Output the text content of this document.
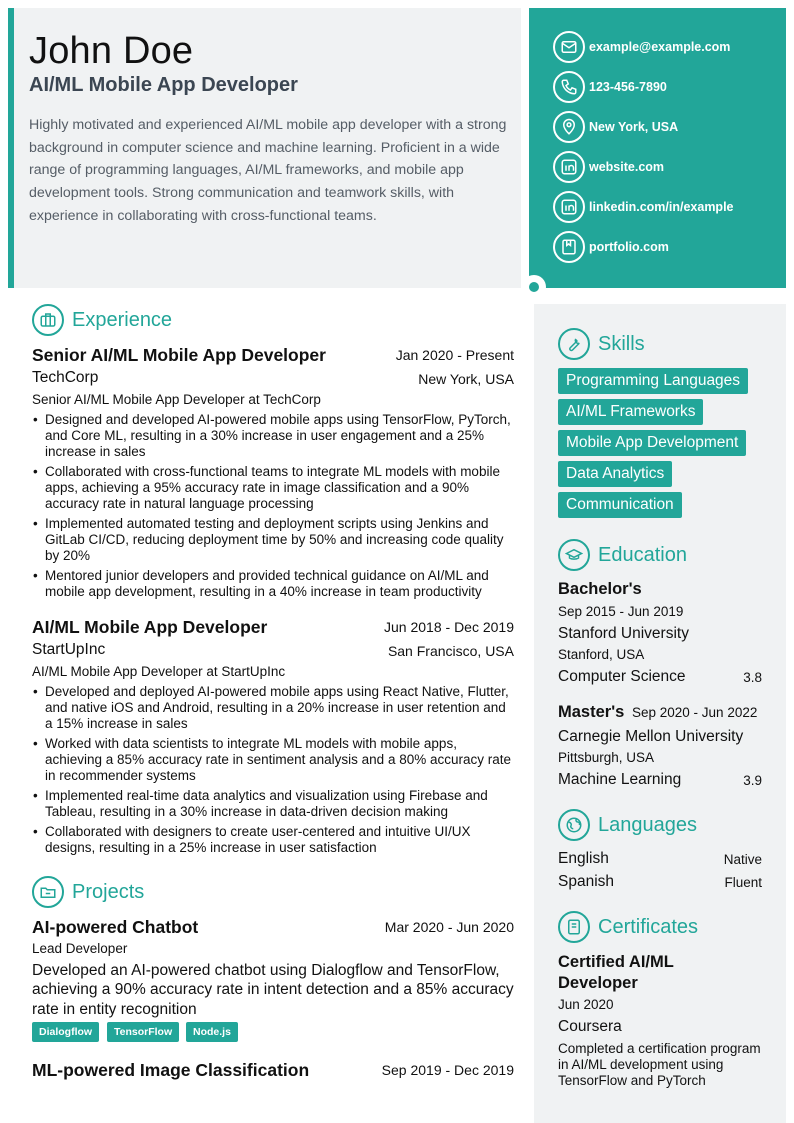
John Doe
AI/ML Mobile App Developer
Highly motivated and experienced AI/ML mobile app developer with a strong background in computer science and machine learning. Proficient in a wide range of programming languages, AI/ML frameworks, and mobile app development tools. Strong communication and teamwork skills, with experience in collaborating with cross-functional teams.
example@example.com
123-456-7890
New York, USA
website.com
linkedin.com/in/example
portfolio.com
Experience
Senior AI/ML Mobile App Developer	Jan 2020 - Present
TechCorp	New York, USA
Senior AI/ML Mobile App Developer at TechCorp
• Designed and developed AI-powered mobile apps using TensorFlow, PyTorch, and Core ML, resulting in a 30% increase in user engagement and a 25% increase in sales
• Collaborated with cross-functional teams to integrate ML models with mobile apps, achieving a 95% accuracy rate in image classification and a 90% accuracy rate in natural language processing
• Implemented automated testing and deployment scripts using Jenkins and GitLab CI/CD, reducing deployment time by 50% and increasing code quality by 20%
• Mentored junior developers and provided technical guidance on AI/ML and mobile app development, resulting in a 40% increase in team productivity
AI/ML Mobile App Developer	Jun 2018 - Dec 2019
StartUpInc	San Francisco, USA
AI/ML Mobile App Developer at StartUpInc
• Developed and deployed AI-powered mobile apps using React Native, Flutter, and native iOS and Android, resulting in a 20% increase in user retention and a 15% increase in sales
• Worked with data scientists to integrate ML models with mobile apps, achieving a 85% accuracy rate in sentiment analysis and a 80% accuracy rate in recommender systems
• Implemented real-time data analytics and visualization using Firebase and Tableau, resulting in a 30% increase in data-driven decision making
• Collaborated with designers to create user-centered and intuitive UI/UX designs, resulting in a 25% increase in user satisfaction
Projects
AI-powered Chatbot	Mar 2020 - Jun 2020
Lead Developer
Developed an AI-powered chatbot using Dialogflow and TensorFlow, achieving a 90% accuracy rate in intent detection and a 85% accuracy rate in entity recognition
Dialogflow	TensorFlow	Node.js
ML-powered Image Classification	Sep 2019 - Dec 2019
Skills
Programming Languages
AI/ML Frameworks
Mobile App Development
Data Analytics
Communication
Education
Bachelor's
Sep 2015 - Jun 2019
Stanford University
Stanford, USA
Computer Science	3.8
Master's Sep 2020 - Jun 2022
Carnegie Mellon University
Pittsburgh, USA
Machine Learning	3.9
Languages
English	Native
Spanish	Fluent
Certificates
Certified AI/ML Developer
Jun 2020
Coursera
Completed a certification program in AI/ML development using TensorFlow and PyTorch
